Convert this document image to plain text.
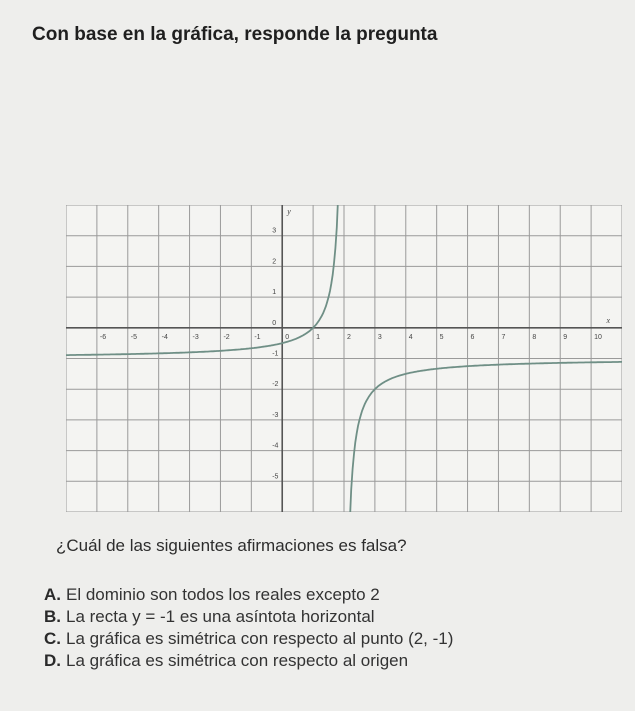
Con base en la gráfica, responde la pregunta
-6	-5	-4	-3	-2	-1	0	1	2	3	4	5	6	7	8	9	10
3
2
1
0
-1
-2
-3
-4
-5
x
y
¿Cuál de las siguientes afirmaciones es falsa?
A. El dominio son todos los reales excepto 2
B. La recta y = -1 es una asíntota horizontal
C. La gráfica es simétrica con respecto al punto (2, -1)
D. La gráfica es simétrica con respecto al origen
